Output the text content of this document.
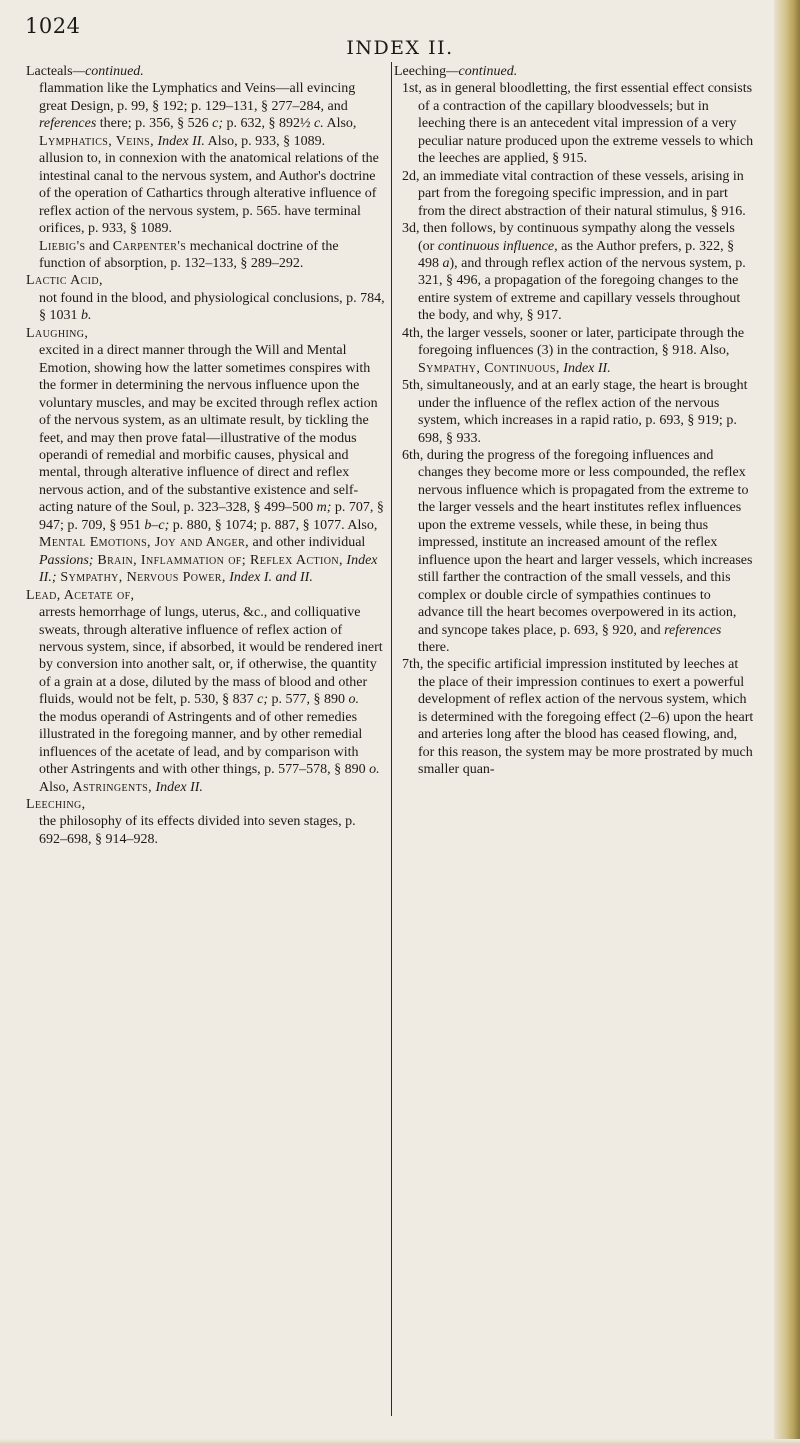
1024
INDEX II.

Lacteals—continued.

flammation like the Lymphatics and Veins—all evincing great Design, p. 99, § 192; p. 129–131, § 277–284, and references there; p. 356, § 526 c; p. 632, § 892½ c. Also, Lymphatics, Veins, Index II. Also, p. 933, § 1089.

allusion to, in connexion with the anatomical relations of the intestinal canal to the nervous system, and Author's doctrine of the operation of Cathartics through alterative influence of reflex action of the nervous system, p. 565. have terminal orifices, p. 933, § 1089.

Liebig's and Carpenter's mechanical doctrine of the function of absorption, p. 132–133, § 289–292.

Lactic Acid,

not found in the blood, and physiological conclusions, p. 784, § 1031 b.

Laughing,

excited in a direct manner through the Will and Mental Emotion, showing how the latter sometimes conspires with the former in determining the nervous influence upon the voluntary muscles, and may be excited through reflex action of the nervous system, as an ultimate result, by tickling the feet, and may then prove fatal—illustrative of the modus operandi of remedial and morbific causes, physical and mental, through alterative influence of direct and reflex nervous action, and of the substantive existence and self-acting nature of the Soul, p. 323–328, § 499–500 m; p. 707, § 947; p. 709, § 951 b–c; p. 880, § 1074; p. 887, § 1077. Also, Mental Emotions, Joy and Anger, and other individual Passions; Brain, Inflammation of; Reflex Action, Index II.; Sympathy, Nervous Power, Index I. and II.

Lead, Acetate of,

arrests hemorrhage of lungs, uterus, &c., and colliquative sweats, through alterative influence of reflex action of nervous system, since, if absorbed, it would be rendered inert by conversion into another salt, or, if otherwise, the quantity of a grain at a dose, diluted by the mass of blood and other fluids, would not be felt, p. 530, § 837 c; p. 577, § 890 o.

the modus operandi of Astringents and of other remedies illustrated in the foregoing manner, and by other remedial influences of the acetate of lead, and by comparison with other Astringents and with other things, p. 577–578, § 890 o. Also, Astringents, Index II.

Leeching,

the philosophy of its effects divided into seven stages, p. 692–698, § 914–928.

Leeching—continued.

1st, as in general bloodletting, the first essential effect consists of a contraction of the capillary bloodvessels; but in leeching there is an antecedent vital impression of a very peculiar nature produced upon the extreme vessels to which the leeches are applied, § 915.

2d, an immediate vital contraction of these vessels, arising in part from the foregoing specific impression, and in part from the direct abstraction of their natural stimulus, § 916.

3d, then follows, by continuous sympathy along the vessels (or continuous influence, as the Author prefers, p. 322, § 498 a), and through reflex action of the nervous system, p. 321, § 496, a propagation of the foregoing changes to the entire system of extreme and capillary vessels throughout the body, and why, § 917.

4th, the larger vessels, sooner or later, participate through the foregoing influences (3) in the contraction, § 918. Also, Sympathy, Continuous, Index II.

5th, simultaneously, and at an early stage, the heart is brought under the influence of the reflex action of the nervous system, which increases in a rapid ratio, p. 693, § 919; p. 698, § 933.

6th, during the progress of the foregoing influences and changes they become more or less compounded, the reflex nervous influence which is propagated from the extreme to the larger vessels and the heart institutes reflex influences upon the extreme vessels, while these, in being thus impressed, institute an increased amount of the reflex influence upon the heart and larger vessels, which increases still farther the contraction of the small vessels, and this complex or double circle of sympathies continues to advance till the heart becomes overpowered in its action, and syncope takes place, p. 693, § 920, and references there.

7th, the specific artificial impression instituted by leeches at the place of their impression continues to exert a powerful development of reflex action of the nervous system, which is determined with the foregoing effect (2–6) upon the heart and arteries long after the blood has ceased flowing, and, for this reason, the system may be more prostrated by much smaller quan-
